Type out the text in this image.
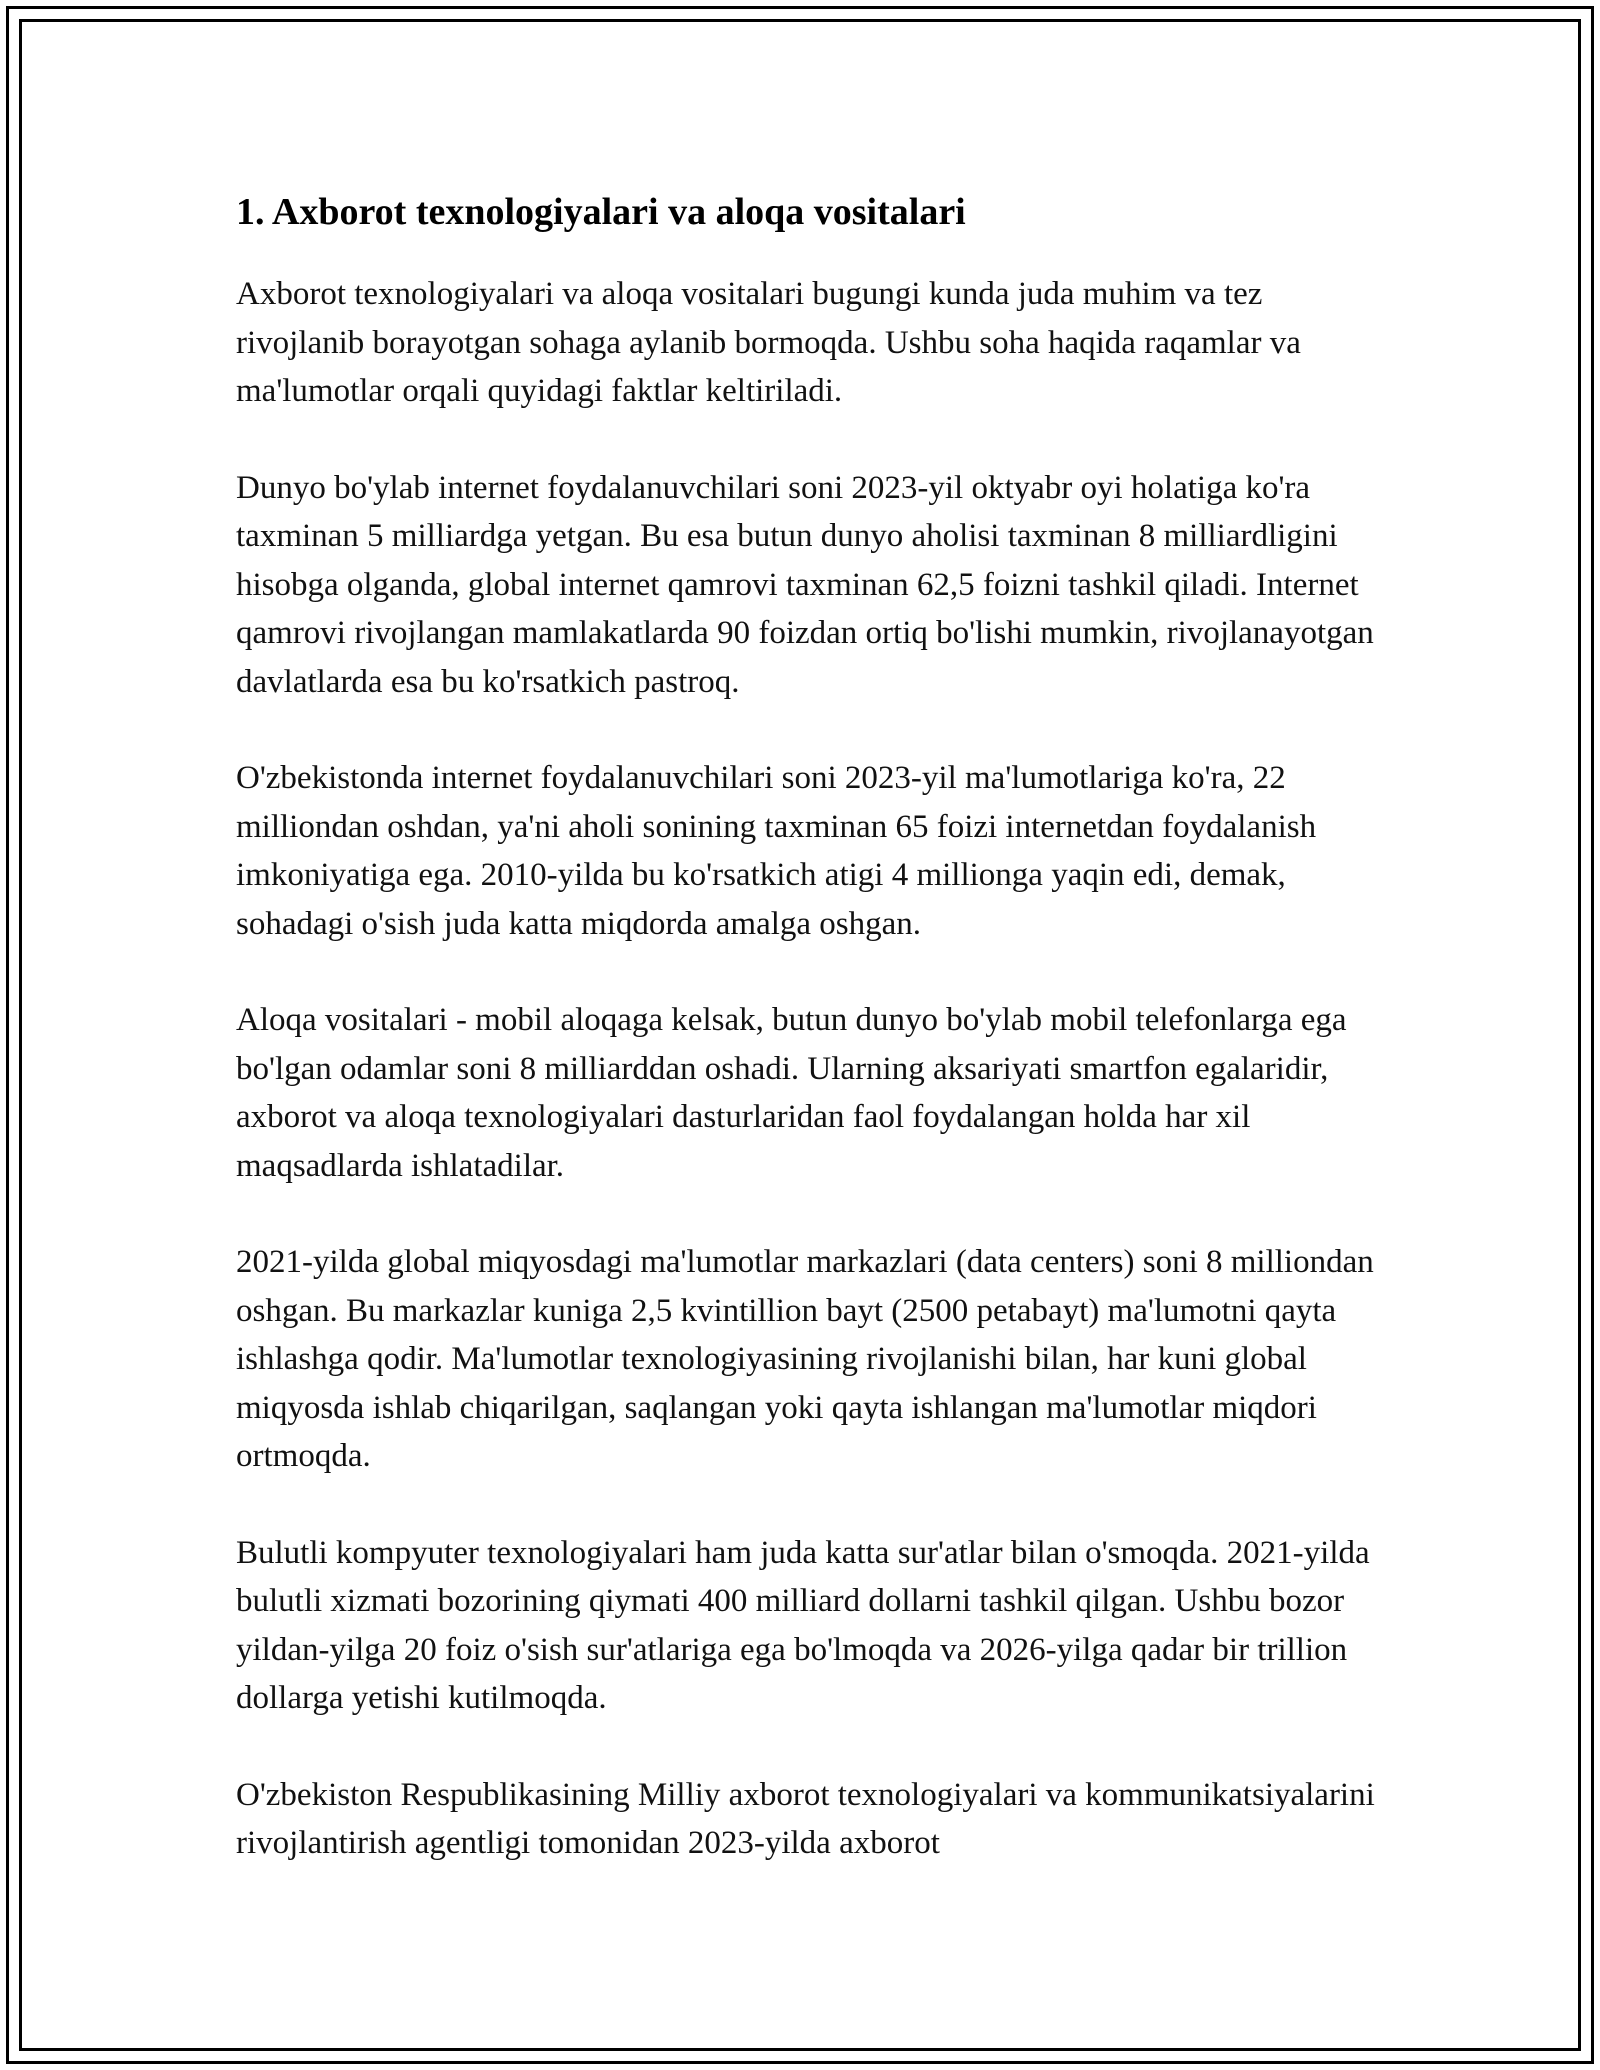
1. Axborot texnologiyalari va aloqa vositalari

Axborot texnologiyalari va aloqa vositalari bugungi kunda juda muhim va tez rivojlanib borayotgan sohaga aylanib bormoqda. Ushbu soha haqida raqamlar va ma'lumotlar orqali quyidagi faktlar keltiriladi.

Dunyo bo'ylab internet foydalanuvchilari soni 2023-yil oktyabr oyi holatiga ko'ra taxminan 5 milliardga yetgan. Bu esa butun dunyo aholisi taxminan 8 milliardligini hisobga olganda, global internet qamrovi taxminan 62,5 foizni tashkil qiladi. Internet qamrovi rivojlangan mamlakatlarda 90 foizdan ortiq bo'lishi mumkin, rivojlanayotgan davlatlarda esa bu ko'rsatkich pastroq.

O'zbekistonda internet foydalanuvchilari soni 2023-yil ma'lumotlariga ko'ra, 22 milliondan oshdan, ya'ni aholi sonining taxminan 65 foizi internetdan foydalanish imkoniyatiga ega. 2010-yilda bu ko'rsatkich atigi 4 millionga yaqin edi, demak, sohadagi o'sish juda katta miqdorda amalga oshgan.

Aloqa vositalari - mobil aloqaga kelsak, butun dunyo bo'ylab mobil telefonlarga ega bo'lgan odamlar soni 8 milliarddan oshadi. Ularning aksariyati smartfon egalaridir, axborot va aloqa texnologiyalari dasturlaridan faol foydalangan holda har xil maqsadlarda ishlatadilar.

2021-yilda global miqyosdagi ma'lumotlar markazlari (data centers) soni 8 milliondan oshgan. Bu markazlar kuniga 2,5 kvintillion bayt (2500 petabayt) ma'lumotni qayta ishlashga qodir. Ma'lumotlar texnologiyasining rivojlanishi bilan, har kuni global miqyosda ishlab chiqarilgan, saqlangan yoki qayta ishlangan ma'lumotlar miqdori ortmoqda.

Bulutli kompyuter texnologiyalari ham juda katta sur'atlar bilan o'smoqda. 2021-yilda bulutli xizmati bozorining qiymati 400 milliard dollarni tashkil qilgan. Ushbu bozor yildan-yilga 20 foiz o'sish sur'atlariga ega bo'lmoqda va 2026-yilga qadar bir trillion dollarga yetishi kutilmoqda.

O'zbekiston Respublikasining Milliy axborot texnologiyalari va kommunikatsiyalarini rivojlantirish agentligi tomonidan 2023-yilda axborot
